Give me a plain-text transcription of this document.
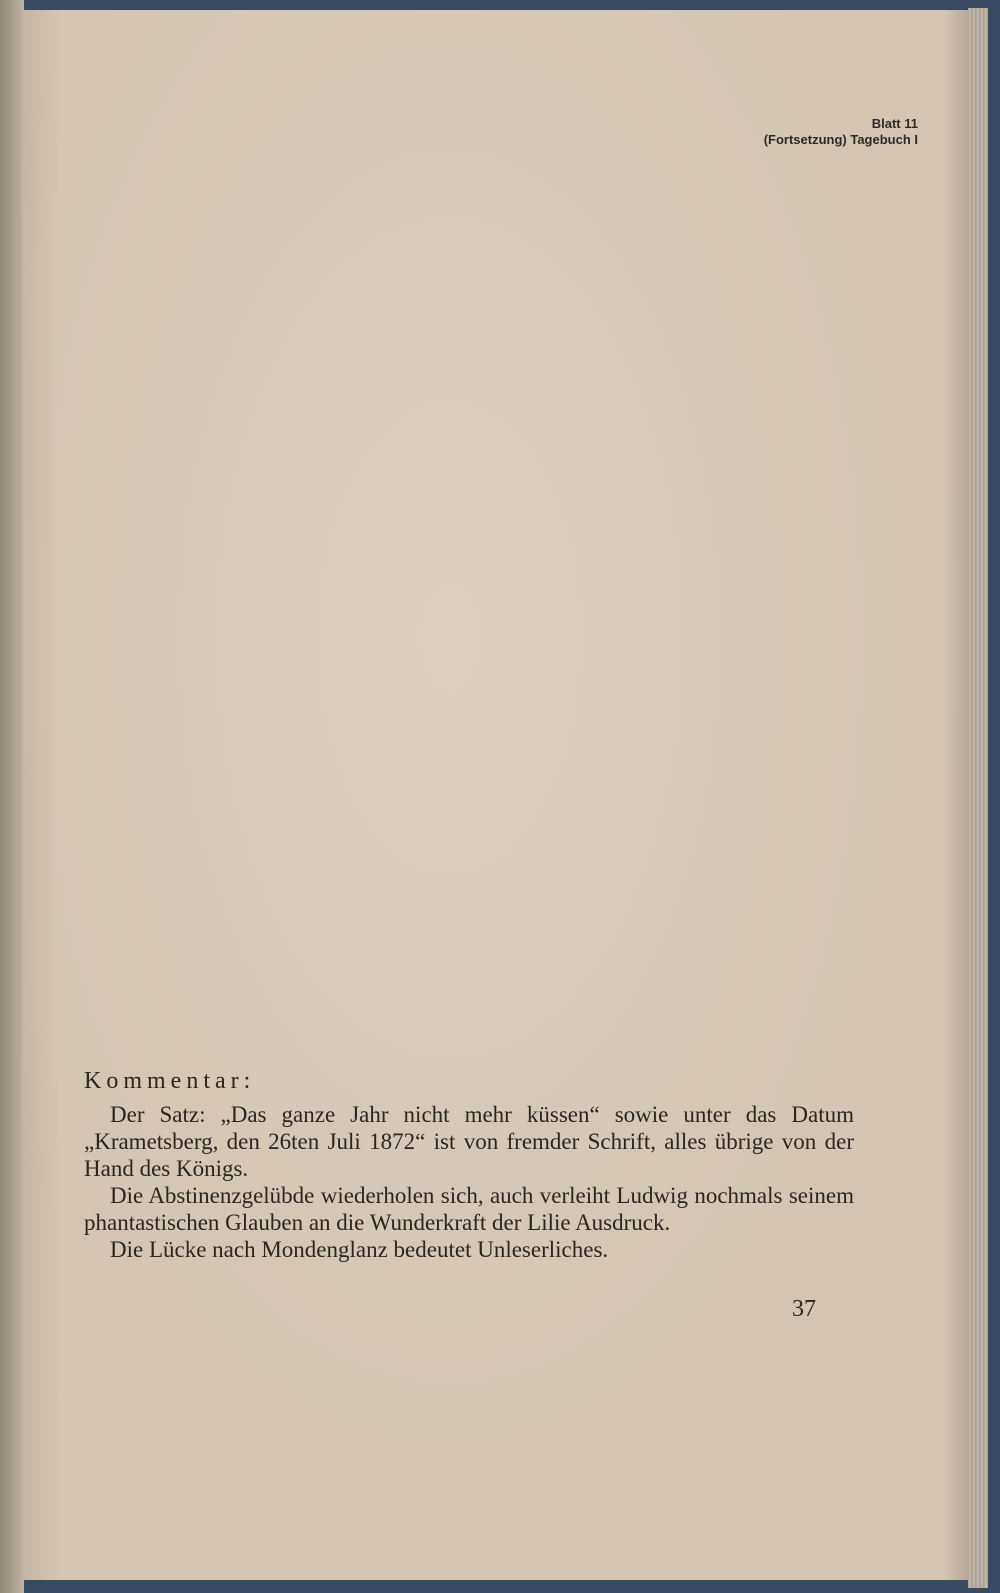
Blatt 11
(Fortsetzung) Tagebuch I
Kommentar:

Der Satz: „Das ganze Jahr nicht mehr küssen“ sowie unter das Datum „Krametsberg, den 26ten Juli 1872“ ist von fremder Schrift, alles übrige von der Hand des Königs.

Die Abstinenzgelübde wiederholen sich, auch verleiht Ludwig nochmals seinem phantastischen Glauben an die Wunderkraft der Lilie Ausdruck.

Die Lücke nach Mondenglanz bedeutet Unleserliches.

37
